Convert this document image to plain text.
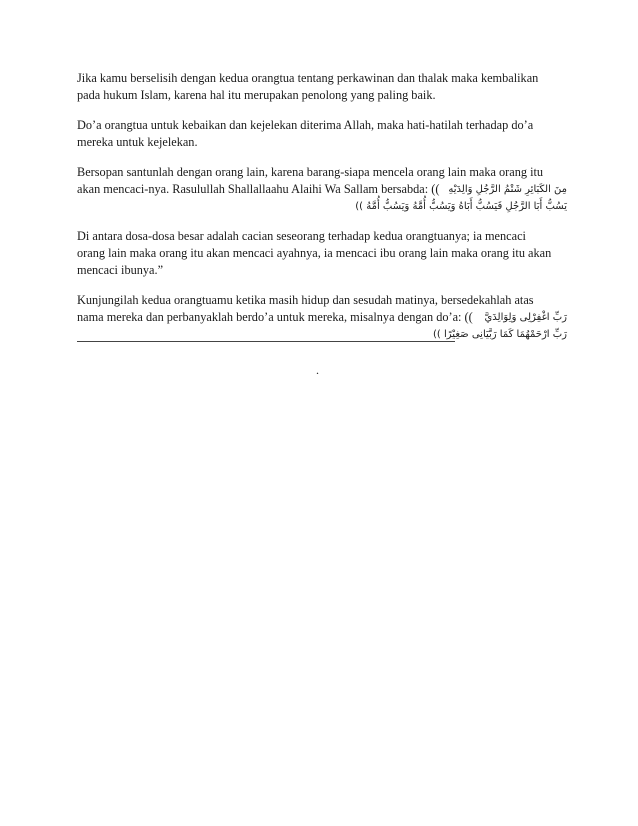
Jika kamu berselisih dengan kedua orangtua tentang perkawinan dan thalak maka kembalikan
pada hukum Islam, karena hal itu merupakan penolong yang paling baik.

Do’a orangtua untuk kebaikan dan kejelekan diterima Allah, maka hati-hatilah terhadap do’a
mereka untuk kejelekan.

Bersopan santunlah dengan orang lain, karena barang-siapa mencela orang lain maka orang itu
akan mencaci-nya. Rasulullah Shallallaahu Alaihi Wa Sallam bersabda: (( مِنَ الكَبَائِرِ شَتْمُ الرَّجُلِ وَالِدَيْهِ
يَسُبُّ أَبَا الرَّجُلِ فَيَسُبُّ أَبَاهُ وَيَسُبُّ أُمَّهُ وَيَسُبُّ أُمَّهُ ))

Di antara dosa-dosa besar adalah cacian seseorang terhadap kedua orangtuanya; ia mencaci
orang lain maka orang itu akan mencaci ayahnya, ia mencaci ibu orang lain maka orang itu akan
mencaci ibunya.”

Kunjungilah kedua orangtuamu ketika masih hidup dan sesudah matinya, bersedekahlah atas
nama mereka dan perbanyaklah berdo’a untuk mereka, misalnya dengan do’a: (( رَبِّ اغْفِرْلِى وَلِوَالِدَيَّ
رَبِّ ارْحَمْهُمَا كَمَا رَبَّيَانِى صَغِيْرًا ))

.
